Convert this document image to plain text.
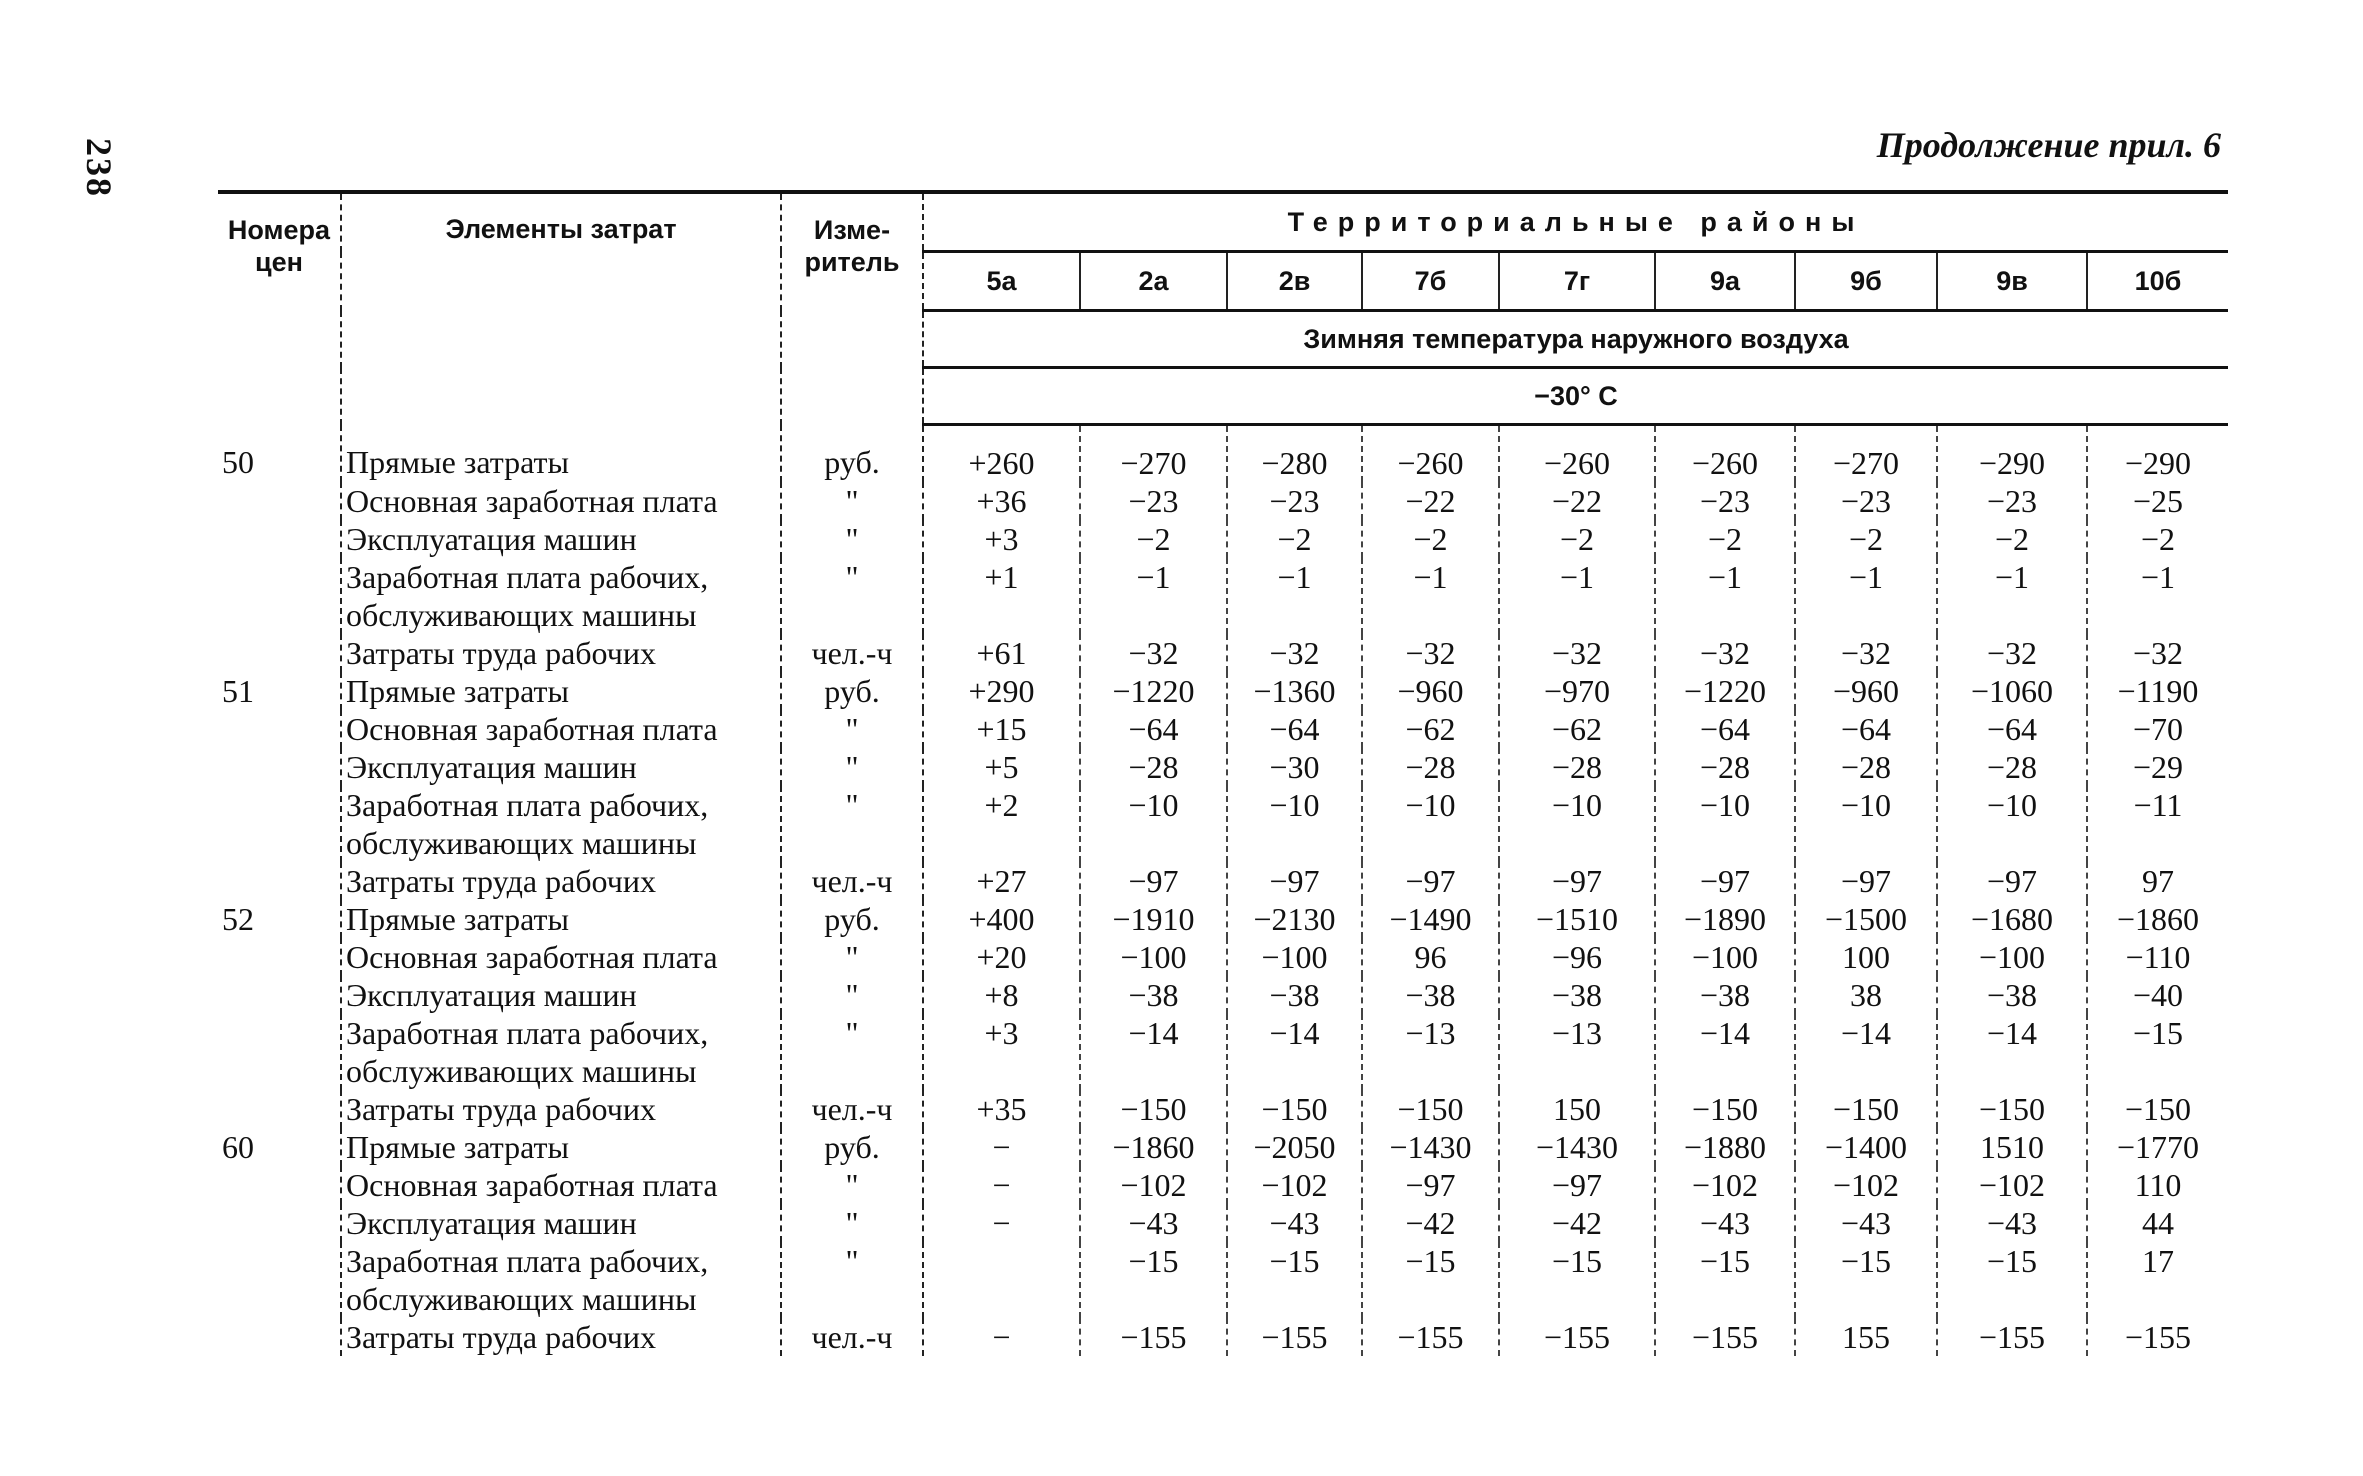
238	Продолжение прил. 6
Номера цен	Элементы затрат	Изме-ритель	Территориальные районы								
			5а	2а	2в	7б	7г	9а	9б	9в	10б
			Зимняя температура наружного воздуха								
			−30° С								
50	Прямые затраты	руб.	+260	−270	−280	−260	−260	−260	−270	−290	−290
	Основная заработная плата	"	+36	−23	−23	−22	−22	−23	−23	−23	−25
	Эксплуатация машин	"	+3	−2	−2	−2	−2	−2	−2	−2	−2
	Заработная плата рабочих, обслуживающих машины	"	+1	−1	−1	−1	−1	−1	−1	−1	−1
	Затраты труда рабочих	чел.-ч	+61	−32	−32	−32	−32	−32	−32	−32	−32
51	Прямые затраты	руб.	+290	−1220	−1360	−960	−970	−1220	−960	−1060	−1190
	Основная заработная плата	"	+15	−64	−64	−62	−62	−64	−64	−64	−70
	Эксплуатация машин	"	+5	−28	−30	−28	−28	−28	−28	−28	−29
	Заработная плата рабочих, обслуживающих машины	"	+2	−10	−10	−10	−10	−10	−10	−10	−11
	Затраты труда рабочих	чел.-ч	+27	−97	−97	−97	−97	−97	−97	−97	97
52	Прямые затраты	руб.	+400	−1910	−2130	−1490	−1510	−1890	−1500	−1680	−1860
	Основная заработная плата	"	+20	−100	−100	96	−96	−100	100	−100	−110
	Эксплуатация машин	"	+8	−38	−38	−38	−38	−38	38	−38	−40
	Заработная плата рабочих, обслуживающих машины	"	+3	−14	−14	−13	−13	−14	−14	−14	−15
	Затраты труда рабочих	чел.-ч	+35	−150	−150	−150	150	−150	−150	−150	−150
60	Прямые затраты	руб.	−	−1860	−2050	−1430	−1430	−1880	−1400	1510	−1770
	Основная заработная плата	"	−	−102	−102	−97	−97	−102	−102	−102	110
	Эксплуатация машин	"	−	−43	−43	−42	−42	−43	−43	−43	44
	Заработная плата рабочих, обслуживающих машины	"		−15	−15	−15	−15	−15	−15	−15	17
	Затраты труда рабочих	чел.-ч	−	−155	−155	−155	−155	−155	155	−155	−155
